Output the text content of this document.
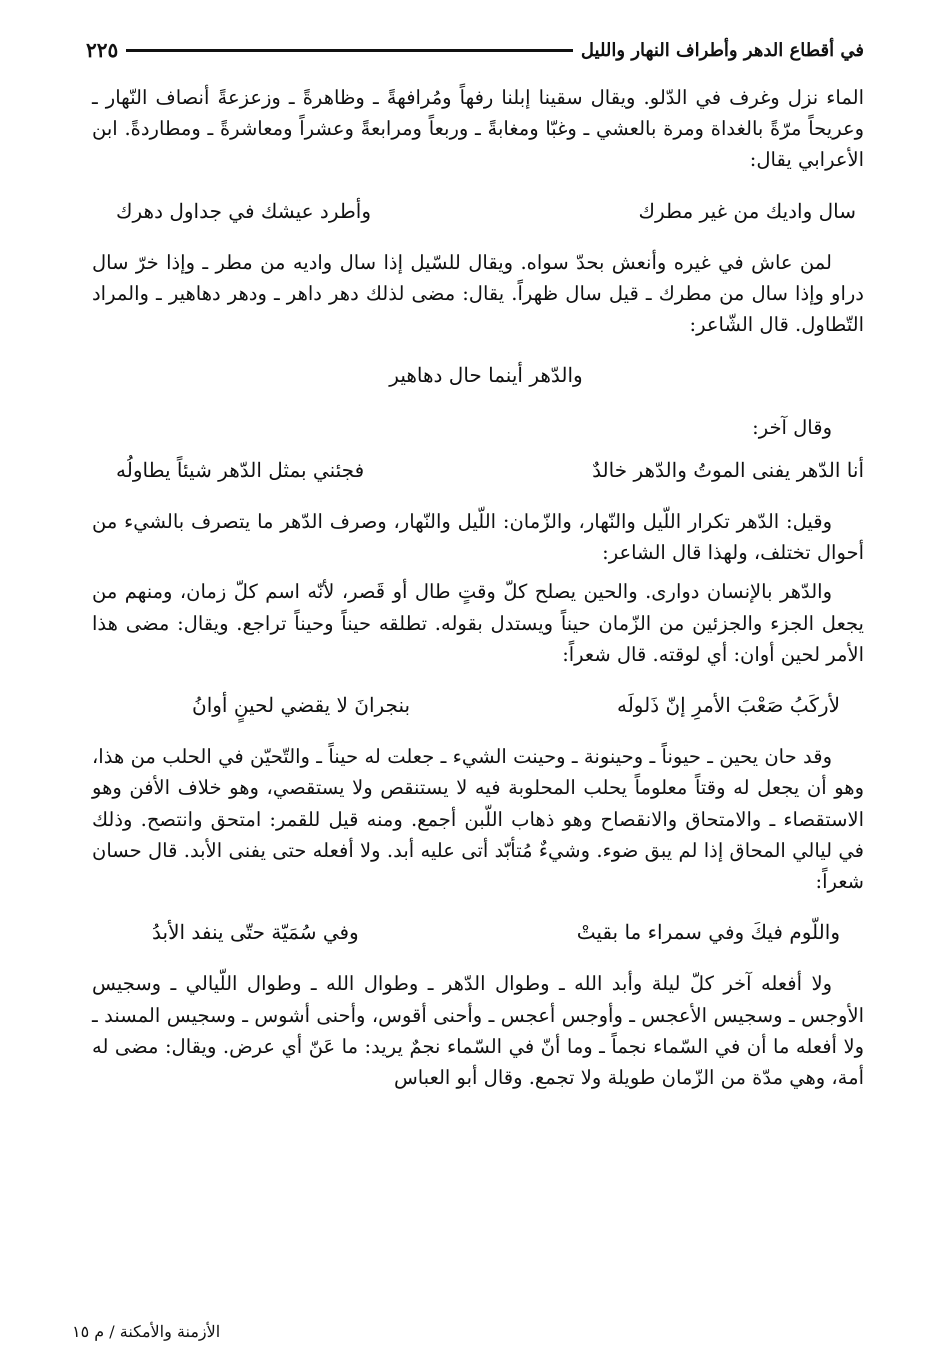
في أقطاع الدهر وأطراف النهار والليل
٢٢٥

الماء نزل وغرف في الدّلو. ويقال سقينا إبلنا رفهاً ومُرافهةً ـ وظاهرةً ـ وزعزعةً أنصاف النّهار ـ وعريحاً مرّةً بالغداة ومرة بالعشي ـ وغبّا ومغابةً ـ وربعاً ومرابعةً وعشراً ومعاشرةً ـ ومطاردةً. ابن الأعرابي يقال:

سال واديك من غير مطرك
وأطرد عيشك في جداول دهرك

لمن عاش في غيره وأنعش بحدّ سواه. ويقال للسّيل إذا سال واديه من مطر ـ وإذا خرّ سال دراو وإذا سال من مطرك ـ قيل سال ظهراً. يقال: مضى لذلك دهر داهر ـ ودهر دهاهير ـ والمراد التّطاول. قال الشّاعر:

والدّهر أينما حال دهاهير

وقال آخر:

أنا الدّهر يفنى الموتُ والدّهر خالدٌ
فجئني بمثل الدّهر شيئاً يطاولُه

وقيل: الدّهر تكرار اللّيل والنّهار، والزّمان: اللّيل والنّهار، وصرف الدّهر ما يتصرف بالشيء من أحوال تختلف، ولهذا قال الشاعر:

والدّهر بالإنسان دوارى. والحين يصلح كلّ وقتٍ طال أو قَصر، لأنّه اسم كلّ زمان، ومنهم من يجعل الجزء والجزئين من الزّمان حيناً ويستدل بقوله. تطلقه حيناً وحيناً تراجع. ويقال: مضى هذا الأمر لحين أوان: أي لوقته. قال شعراً:

لأركَبُ صَعْبَ الأمرِ إنّ ذَلولَه
بنجرانَ لا يقضي لحينٍ أوانُ

وقد حان يحين ـ حيوناً ـ وحينونة ـ وحينت الشيء ـ جعلت له حيناً ـ والتّحيّن في الحلب من هذا، وهو أن يجعل له وقتاً معلوماً يحلب المحلوبة فيه لا يستنقص ولا يستقصي، وهو خلاف الأفن وهو الاستقصاء ـ والامتحاق والانقصاح وهو ذهاب اللّبن أجمع. ومنه قيل للقمر: امتحق وانتصح. وذلك في ليالي المحاق إذا لم يبق ضوء. وشيءٌ مُتأبّد أتى عليه أبد. ولا أفعله حتى يفنى الأبد. قال حسان شعراً:

واللّوم فيكَ وفي سمراء ما بقيتْ
وفي سُمَيّة حتّى ينفد الأبدُ

ولا أفعله آخر كلّ ليلة وأبد الله ـ وطوال الدّهر ـ وطوال الله ـ وطوال اللّيالي ـ وسجيس الأوجس ـ وسجيس الأعجس ـ وأوجس أعجس ـ وأحنى أقوس، وأحنى أشوس ـ وسجيس المسند ـ ولا أفعله ما أن في السّماء نجماً ـ وما أنّ في السّماء نجمٌ يريد: ما عَنّ أي عرض. ويقال: مضى له أمة، وهي مدّة من الزّمان طويلة ولا تجمع. وقال أبو العباس

الأزمنة والأمكنة / م ١٥
